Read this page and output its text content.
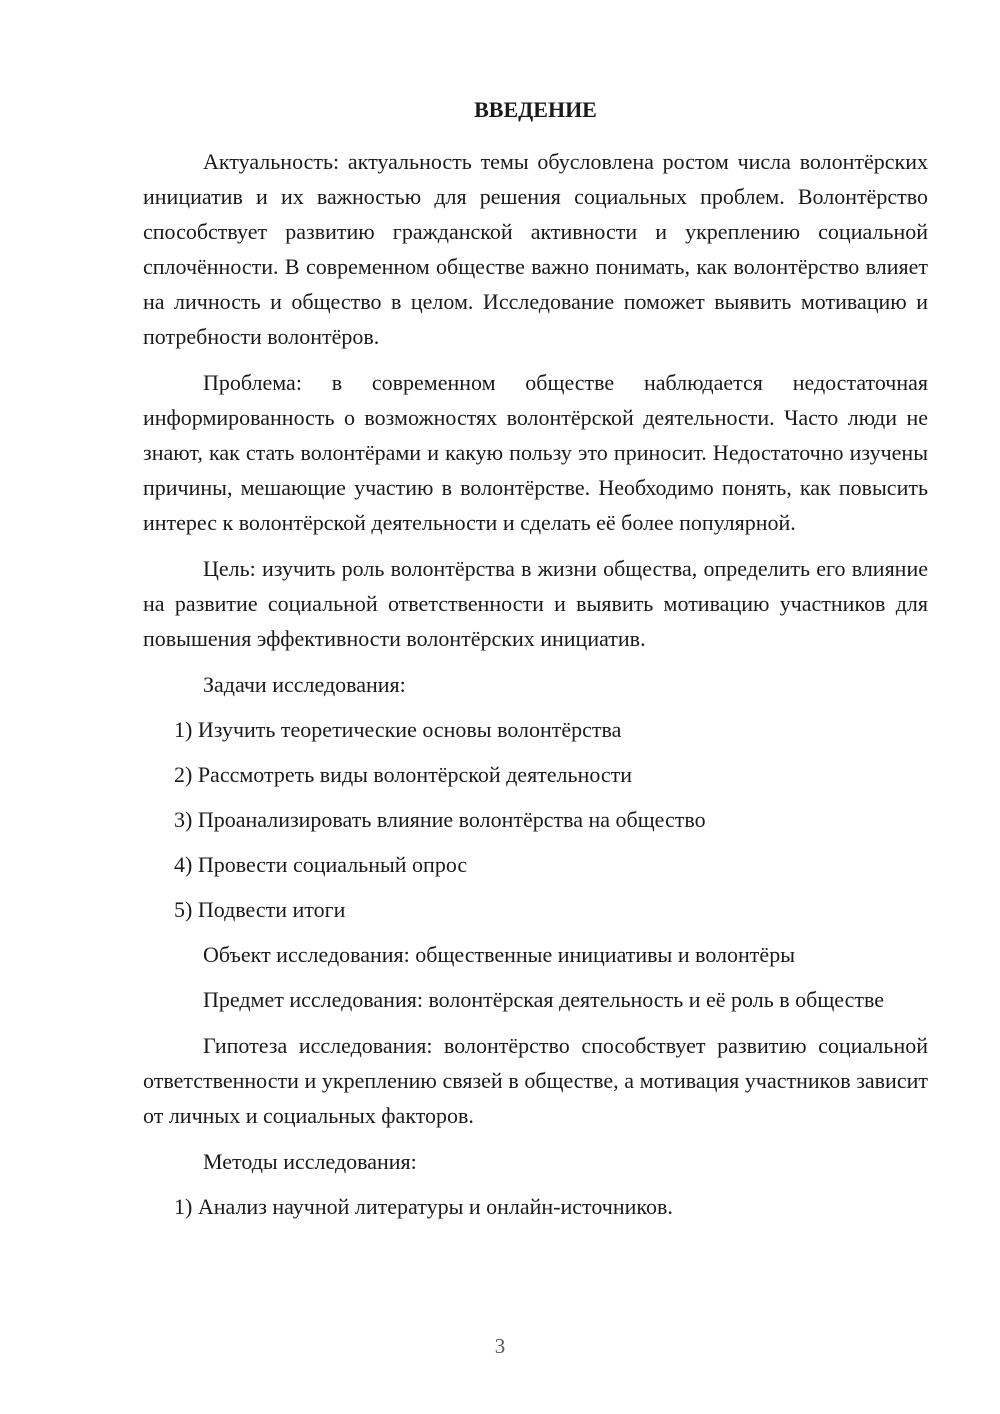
ВВЕДЕНИЕ

Актуальность: актуальность темы обусловлена ростом числа волонтёрских инициатив и их важностью для решения социальных проблем. Волонтёрство способствует развитию гражданской активности и укреплению социальной сплочённости. В современном обществе важно понимать, как волонтёрство влияет на личность и общество в целом. Исследование поможет выявить мотивацию и потребности волонтёров.

Проблема: в современном обществе наблюдается недостаточная информированность о возможностях волонтёрской деятельности. Часто люди не знают, как стать волонтёрами и какую пользу это приносит. Недостаточно изучены причины, мешающие участию в волонтёрстве. Необходимо понять, как повысить интерес к волонтёрской деятельности и сделать её более популярной.

Цель: изучить роль волонтёрства в жизни общества, определить его влияние на развитие социальной ответственности и выявить мотивацию участников для повышения эффективности волонтёрских инициатив.

Задачи исследования:

1) Изучить теоретические основы волонтёрства
2) Рассмотреть виды волонтёрской деятельности
3) Проанализировать влияние волонтёрства на общество
4) Провести социальный опрос
5) Подвести итоги

Объект исследования: общественные инициативы и волонтёры

Предмет исследования: волонтёрская деятельность и её роль в обществе

Гипотеза исследования: волонтёрство способствует развитию социальной ответственности и укреплению связей в обществе, а мотивация участников зависит от личных и социальных факторов.

Методы исследования:

1) Анализ научной литературы и онлайн-источников.
3
